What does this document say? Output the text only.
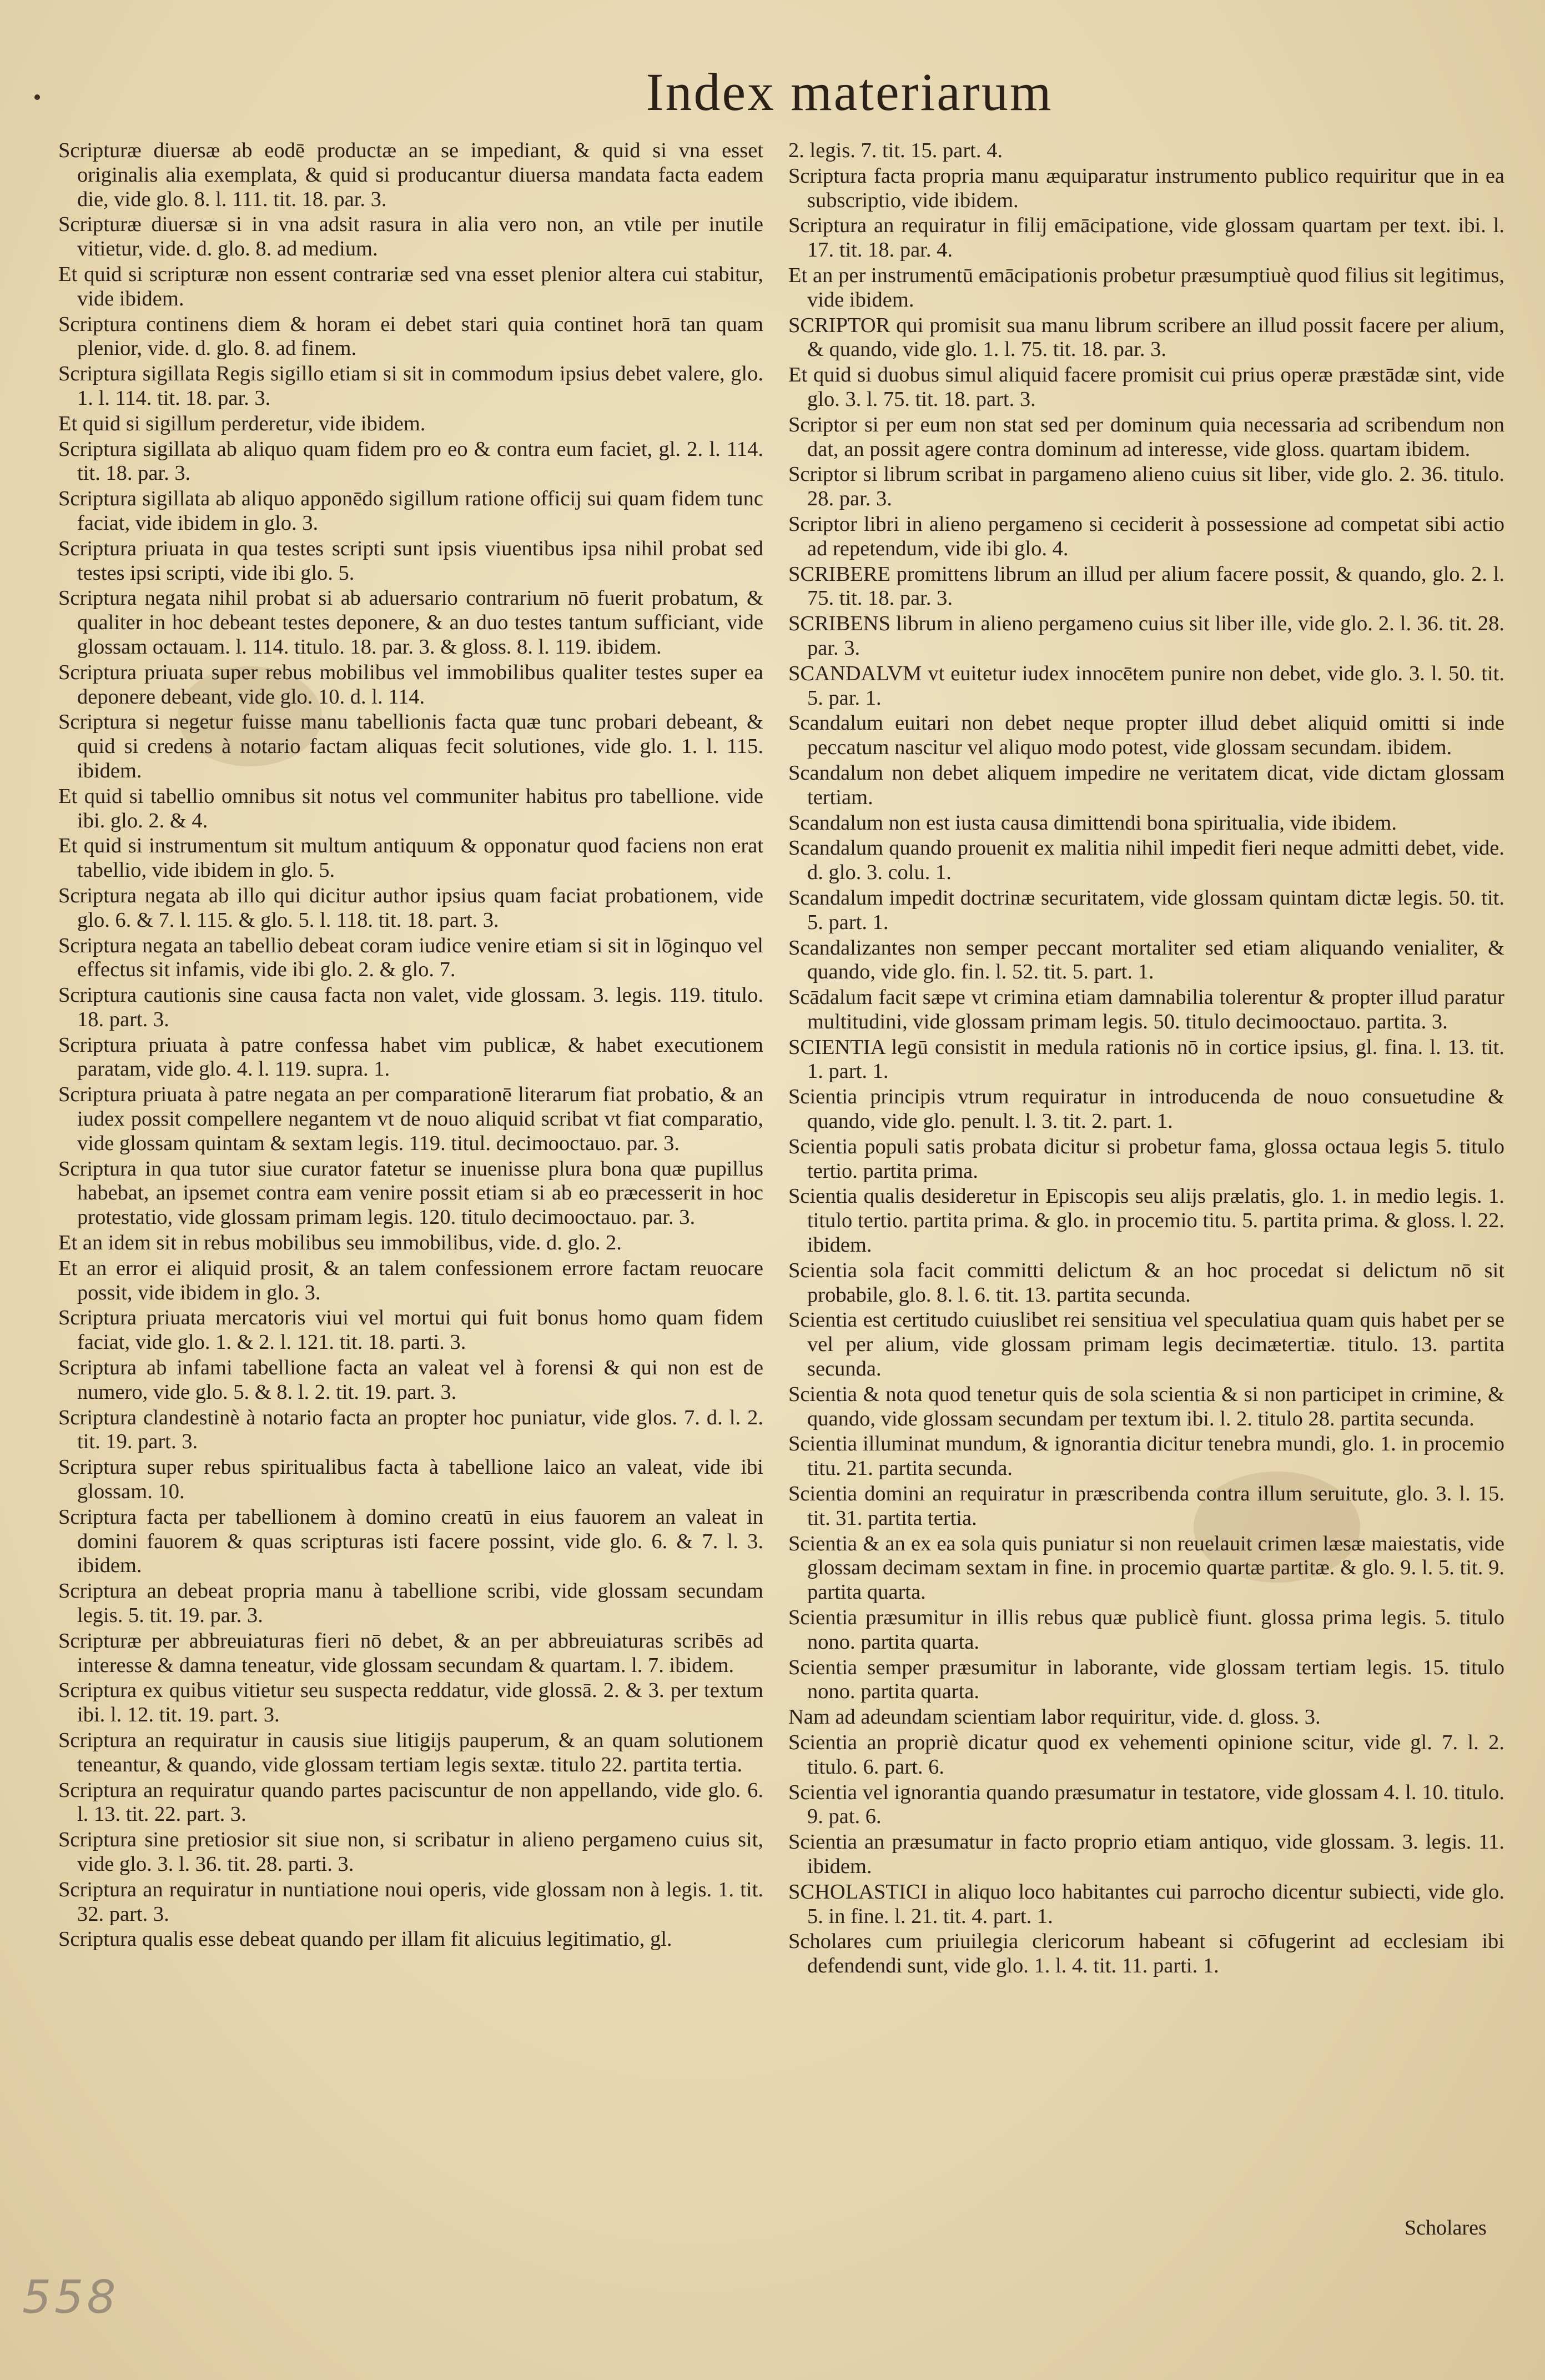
Index materiarum

Scripturæ diuersæ ab eodē productæ an se impediant, & quid si vna esset originalis alia exemplata, & quid si producantur diuersa mandata facta eadem die, vide glo. 8. l. 111. tit. 18. par. 3.

Scripturæ diuersæ si in vna adsit rasura in alia vero non, an vtile per inutile vitietur, vide. d. glo. 8. ad medium.

Et quid si scripturæ non essent contrariæ sed vna esset plenior altera cui stabitur, vide ibidem.

Scriptura continens diem & horam ei debet stari quia continet horā tan quam plenior, vide. d. glo. 8. ad finem.

Scriptura sigillata Regis sigillo etiam si sit in commodum ipsius debet valere, glo. 1. l. 114. tit. 18. par. 3.

Et quid si sigillum perderetur, vide ibidem.

Scriptura sigillata ab aliquo quam fidem pro eo & contra eum faciet, gl. 2. l. 114. tit. 18. par. 3.

Scriptura sigillata ab aliquo apponēdo sigillum ratione officij sui quam fidem tunc faciat, vide ibidem in glo. 3.

Scriptura priuata in qua testes scripti sunt ipsis viuentibus ipsa nihil probat sed testes ipsi scripti, vide ibi glo. 5.

Scriptura negata nihil probat si ab aduersario contrarium nō fuerit probatum, & qualiter in hoc debeant testes deponere, & an duo testes tantum sufficiant, vide glossam octauam. l. 114. titulo. 18. par. 3. & gloss. 8. l. 119. ibidem.

Scriptura priuata super rebus mobilibus vel immobilibus qualiter testes super ea deponere debeant, vide glo. 10. d. l. 114.

Scriptura si negetur fuisse manu tabellionis facta quæ tunc probari debeant, & quid si credens à notario factam aliquas fecit solutiones, vide glo. 1. l. 115. ibidem.

Et quid si tabellio omnibus sit notus vel communiter habitus pro tabellione. vide ibi. glo. 2. & 4.

Et quid si instrumentum sit multum antiquum & opponatur quod faciens non erat tabellio, vide ibidem in glo. 5.

Scriptura negata ab illo qui dicitur author ipsius quam faciat probationem, vide glo. 6. & 7. l. 115. & glo. 5. l. 118. tit. 18. part. 3.

Scriptura negata an tabellio debeat coram iudice venire etiam si sit in lōginquo vel effectus sit infamis, vide ibi glo. 2. & glo. 7.

Scriptura cautionis sine causa facta non valet, vide glossam. 3. legis. 119. titulo. 18. part. 3.

Scriptura priuata à patre confessa habet vim publicæ, & habet executionem paratam, vide glo. 4. l. 119. supra. 1.

Scriptura priuata à patre negata an per comparationē literarum fiat probatio, & an iudex possit compellere negantem vt de nouo aliquid scribat vt fiat comparatio, vide glossam quintam & sextam legis. 119. titul. decimooctauo. par. 3.

Scriptura in qua tutor siue curator fatetur se inuenisse plura bona quæ pupillus habebat, an ipsemet contra eam venire possit etiam si ab eo præcesserit in hoc protestatio, vide glossam primam legis. 120. titulo decimooctauo. par. 3.

Et an idem sit in rebus mobilibus seu immobilibus, vide. d. glo. 2.

Et an error ei aliquid prosit, & an talem confessionem errore factam reuocare possit, vide ibidem in glo. 3.

Scriptura priuata mercatoris viui vel mortui qui fuit bonus homo quam fidem faciat, vide glo. 1. & 2. l. 121. tit. 18. parti. 3.

Scriptura ab infami tabellione facta an valeat vel à forensi & qui non est de numero, vide glo. 5. & 8. l. 2. tit. 19. part. 3.

Scriptura clandestinè à notario facta an propter hoc puniatur, vide glos. 7. d. l. 2. tit. 19. part. 3.

Scriptura super rebus spiritualibus facta à tabellione laico an valeat, vide ibi glossam. 10.

Scriptura facta per tabellionem à domino creatū in eius fauorem an valeat in domini fauorem & quas scripturas isti facere possint, vide glo. 6. & 7. l. 3. ibidem.

Scriptura an debeat propria manu à tabellione scribi, vide glossam secundam legis. 5. tit. 19. par. 3.

Scripturæ per abbreuiaturas fieri nō debet, & an per abbreuiaturas scribēs ad interesse & damna teneatur, vide glossam secundam & quartam. l. 7. ibidem.

Scriptura ex quibus vitietur seu suspecta reddatur, vide glossā. 2. & 3. per textum ibi. l. 12. tit. 19. part. 3.

Scriptura an requiratur in causis siue litigijs pauperum, & an quam solutionem teneantur, & quando, vide glossam tertiam legis sextæ. titulo 22. partita tertia.

Scriptura an requiratur quando partes paciscuntur de non appellando, vide glo. 6. l. 13. tit. 22. part. 3.

Scriptura sine pretiosior sit siue non, si scribatur in alieno pergameno cuius sit, vide glo. 3. l. 36. tit. 28. parti. 3.

Scriptura an requiratur in nuntiatione noui operis, vide glossam non à legis. 1. tit. 32. part. 3.

Scriptura qualis esse debeat quando per illam fit alicuius legitimatio, gl.

2. legis. 7. tit. 15. part. 4.

Scriptura facta propria manu æquiparatur instrumento publico requiritur que in ea subscriptio, vide ibidem.

Scriptura an requiratur in filij emācipatione, vide glossam quartam per text. ibi. l. 17. tit. 18. par. 4.

Et an per instrumentū emācipationis probetur præsumptiuè quod filius sit legitimus, vide ibidem.

SCRIPTOR qui promisit sua manu librum scribere an illud possit facere per alium, & quando, vide glo. 1. l. 75. tit. 18. par. 3.

Et quid si duobus simul aliquid facere promisit cui prius operæ præstādæ sint, vide glo. 3. l. 75. tit. 18. part. 3.

Scriptor si per eum non stat sed per dominum quia necessaria ad scribendum non dat, an possit agere contra dominum ad interesse, vide gloss. quartam ibidem.

Scriptor si librum scribat in pargameno alieno cuius sit liber, vide glo. 2. 36. titulo. 28. par. 3.

Scriptor libri in alieno pergameno si ceciderit à possessione ad competat sibi actio ad repetendum, vide ibi glo. 4.

SCRIBERE promittens librum an illud per alium facere possit, & quando, glo. 2. l. 75. tit. 18. par. 3.

SCRIBENS librum in alieno pergameno cuius sit liber ille, vide glo. 2. l. 36. tit. 28. par. 3.

SCANDALVM vt euitetur iudex innocētem punire non debet, vide glo. 3. l. 50. tit. 5. par. 1.

Scandalum euitari non debet neque propter illud debet aliquid omitti si inde peccatum nascitur vel aliquo modo potest, vide glossam secundam. ibidem.

Scandalum non debet aliquem impedire ne veritatem dicat, vide dictam glossam tertiam.

Scandalum non est iusta causa dimittendi bona spiritualia, vide ibidem.

Scandalum quando prouenit ex malitia nihil impedit fieri neque admitti debet, vide. d. glo. 3. colu. 1.

Scandalum impedit doctrinæ securitatem, vide glossam quintam dictæ legis. 50. tit. 5. part. 1.

Scandalizantes non semper peccant mortaliter sed etiam aliquando venialiter, & quando, vide glo. fin. l. 52. tit. 5. part. 1.

Scādalum facit sæpe vt crimina etiam damnabilia tolerentur & propter illud paratur multitudini, vide glossam primam legis. 50. titulo decimooctauo. partita. 3.

SCIENTIA legū consistit in medula rationis nō in cortice ipsius, gl. fina. l. 13. tit. 1. part. 1.

Scientia principis vtrum requiratur in introducenda de nouo consuetudine & quando, vide glo. penult. l. 3. tit. 2. part. 1.

Scientia populi satis probata dicitur si probetur fama, glossa octaua legis 5. titulo tertio. partita prima.

Scientia qualis desideretur in Episcopis seu alijs prælatis, glo. 1. in medio legis. 1. titulo tertio. partita prima. & glo. in procemio titu. 5. partita prima. & gloss. l. 22. ibidem.

Scientia sola facit committi delictum & an hoc procedat si delictum nō sit probabile, glo. 8. l. 6. tit. 13. partita secunda.

Scientia est certitudo cuiuslibet rei sensitiua vel speculatiua quam quis habet per se vel per alium, vide glossam primam legis decimætertiæ. titulo. 13. partita secunda.

Scientia & nota quod tenetur quis de sola scientia & si non participet in crimine, & quando, vide glossam secundam per textum ibi. l. 2. titulo 28. partita secunda.

Scientia illuminat mundum, & ignorantia dicitur tenebra mundi, glo. 1. in procemio titu. 21. partita secunda.

Scientia domini an requiratur in præscribenda contra illum seruitute, glo. 3. l. 15. tit. 31. partita tertia.

Scientia & an ex ea sola quis puniatur si non reuelauit crimen læsæ maiestatis, vide glossam decimam sextam in fine. in procemio quartæ partitæ. & glo. 9. l. 5. tit. 9. partita quarta.

Scientia præsumitur in illis rebus quæ publicè fiunt. glossa prima legis. 5. titulo nono. partita quarta.

Scientia semper præsumitur in laborante, vide glossam tertiam legis. 15. titulo nono. partita quarta.

Nam ad adeundam scientiam labor requiritur, vide. d. gloss. 3.

Scientia an propriè dicatur quod ex vehementi opinione scitur, vide gl. 7. l. 2. titulo. 6. part. 6.

Scientia vel ignorantia quando præsumatur in testatore, vide glossam 4. l. 10. titulo. 9. pat. 6.

Scientia an præsumatur in facto proprio etiam antiquo, vide glossam. 3. legis. 11. ibidem.

SCHOLASTICI in aliquo loco habitantes cui parrocho dicentur subiecti, vide glo. 5. in fine. l. 21. tit. 4. part. 1.

Scholares cum priuilegia clericorum habeant si cōfugerint ad ecclesiam ibi defendendi sunt, vide glo. 1. l. 4. tit. 11. parti. 1.

Scholares
558
